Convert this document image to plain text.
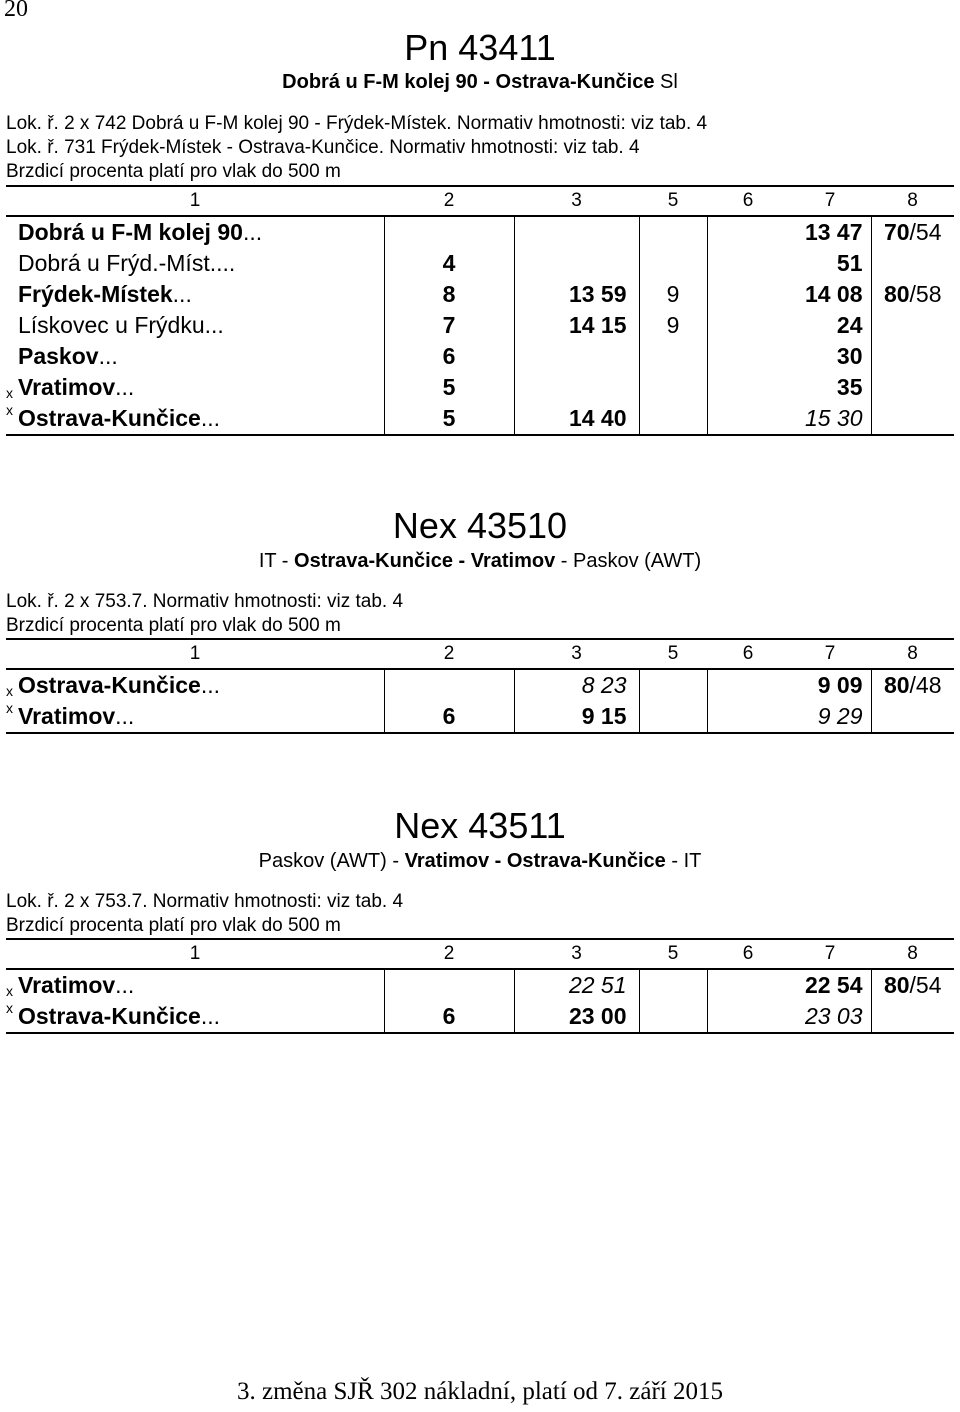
20
Pn 43411
Dobrá u F-M kolej 90 - Ostrava-Kunčice Sl
Lok. ř. 2 x 742 Dobrá u F-M kolej 90 - Frýdek-Místek. Normativ hmotnosti: viz tab. 4
Lok. ř. 731 Frýdek-Místek - Ostrava-Kunčice. Normativ hmotnosti: viz tab. 4
Brzdicí procenta platí pro vlak do 500 m
1	2	3	5	6	7	8
Dobrá u F-M kolej 90...					13 47	70/54
Dobrá u Frýd.-Míst....	4				51	
Frýdek-Místek...	8	13 59	9		14 08	80/58
Lískovec u Frýdku...	7	14 15	9		24	
Paskov...	6				30	

x Vratimov...	5				35	

x Ostrava-Kunčice...	5	14 40			15 30	
Nex 43510
IT - Ostrava-Kunčice - Vratimov - Paskov (AWT)
Lok. ř. 2 x 753.7. Normativ hmotnosti: viz tab. 4
Brzdicí procenta platí pro vlak do 500 m
1	2	3	5	6	7	8

x Ostrava-Kunčice...		8 23			9 09	80/48

x Vratimov...	6	9 15			9 29	
Nex 43511
Paskov (AWT) - Vratimov - Ostrava-Kunčice - IT
Lok. ř. 2 x 753.7. Normativ hmotnosti: viz tab. 4
Brzdicí procenta platí pro vlak do 500 m
1	2	3	5	6	7	8

x Vratimov...		22 51			22 54	80/54

x Ostrava-Kunčice...	6	23 00			23 03	
3. změna SJŘ 302 nákladní, platí od 7. září 2015
